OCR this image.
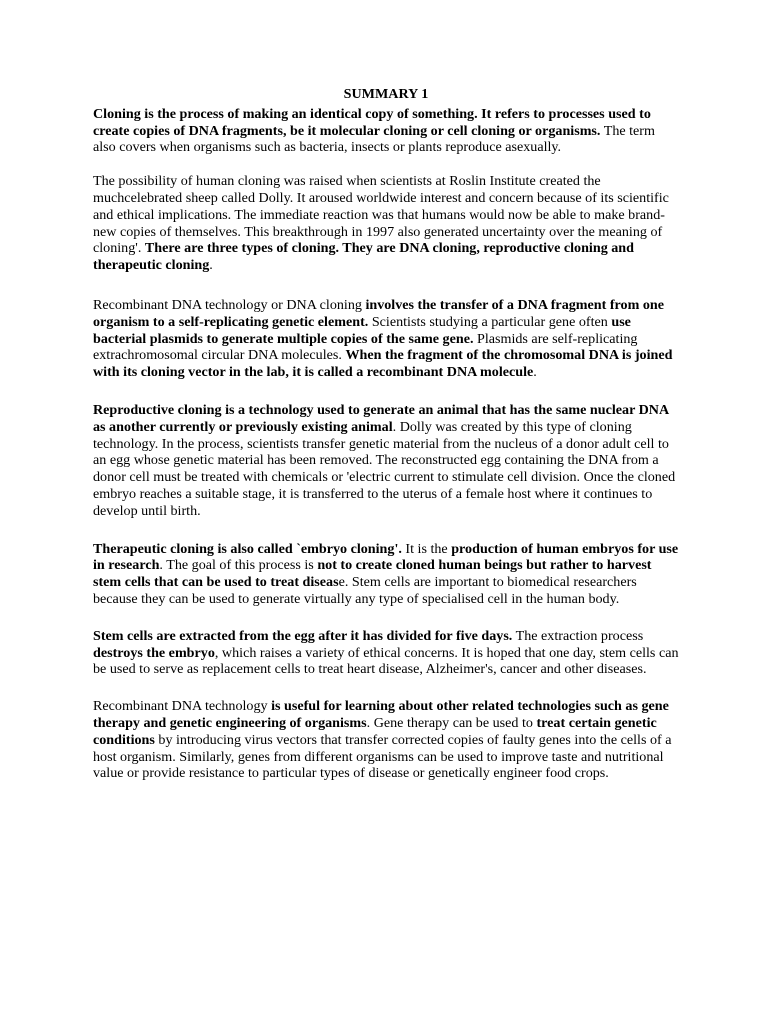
SUMMARY 1

Cloning is the process of making an identical copy of something. It refers to processes used to create copies of DNA fragments, be it molecular cloning or cell cloning or organisms. The term also covers when organisms such as bacteria, insects or plants reproduce asexually.

The possibility of human cloning was raised when scientists at Roslin Institute created the muchcelebrated sheep called Dolly. It aroused worldwide interest and concern because of its scientific and ethical implications. The immediate reaction was that humans would now be able to make brand-new copies of themselves. This breakthrough in 1997 also generated uncertainty over the meaning of cloning'. There are three types of cloning. They are DNA cloning, reproductive cloning and therapeutic cloning.

Recombinant DNA technology or DNA cloning involves the transfer of a DNA fragment from one organism to a self-replicating genetic element. Scientists studying a particular gene often use bacterial plasmids to generate multiple copies of the same gene. Plasmids are self-replicating extrachromosomal circular DNA molecules. When the fragment of the chromosomal DNA is joined with its cloning vector in the lab, it is called a recombinant DNA molecule.

Reproductive cloning is a technology used to generate an animal that has the same nuclear DNA as another currently or previously existing animal. Dolly was created by this type of cloning technology. In the process, scientists transfer genetic material from the nucleus of a donor adult cell to an egg whose genetic material has been removed. The reconstructed egg containing the DNA from a donor cell must be treated with chemicals or 'electric current to stimulate cell division. Once the cloned embryo reaches a suitable stage, it is transferred to the uterus of a female host where it continues to develop until birth.

Therapeutic cloning is also called `embryo cloning'. It is the production of human embryos for use in research. The goal of this process is not to create cloned human beings but rather to harvest stem cells that can be used to treat disease. Stem cells are important to biomedical researchers because they can be used to generate virtually any type of specialised cell in the human body.

Stem cells are extracted from the egg after it has divided for five days. The extraction process destroys the embryo, which raises a variety of ethical concerns. It is hoped that one day, stem cells can be used to serve as replacement cells to treat heart disease, Alzheimer's, cancer and other diseases.

Recombinant DNA technology is useful for learning about other related technologies such as gene therapy and genetic engineering of organisms. Gene therapy can be used to treat certain genetic conditions by introducing virus vectors that transfer corrected copies of faulty genes into the cells of a host organism. Similarly, genes from different organisms can be used to improve taste and nutritional value or provide resistance to particular types of disease or genetically engineer food crops.
